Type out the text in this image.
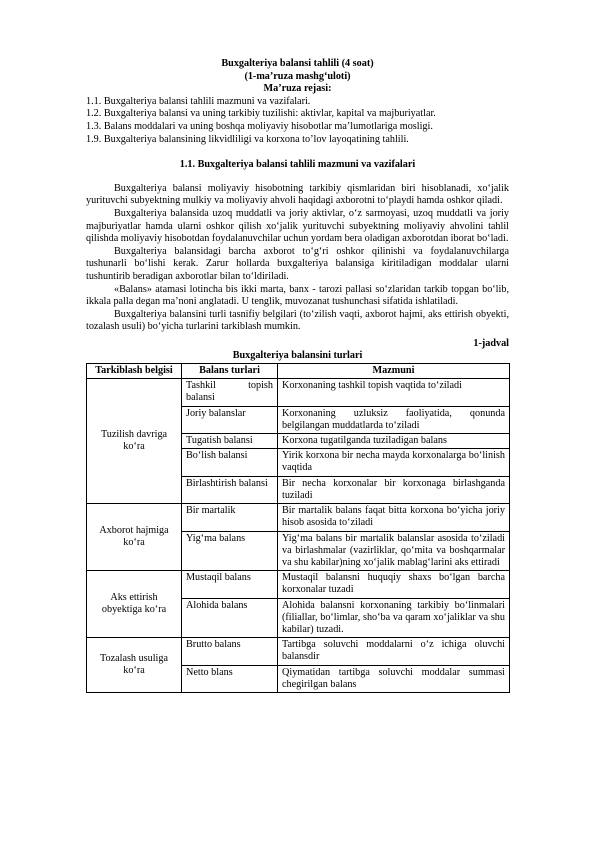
Buxgalteriya balansi tahlili (4 soat)
(1-ma’ruza mashg‘uloti)
Ma’ruza rejasi:
1.1. Buxgalteriya balansi tahlili mazmuni va vazifalari.
1.2. Buxgalteriya balansi va uning tarkibiy tuzilishi: aktivlar, kapital va majburiyatlar.
1.3. Balans moddalari va uning boshqa moliyaviy hisobotlar ma’lumotlariga mosligi.
1.9. Buxgalteriya balansining likvidliligi va korxona to’lov layoqatining tahlili.
1.1. Buxgalteriya balansi tahlili mazmuni va vazifalari

Buxgalteriya balansi moliyaviy hisobotning tarkibiy qismlaridan biri hisoblanadi, xo‘jalik yurituvchi subyektning mulkiy va moliyaviy ahvoli haqidagi axborotni to‘playdi hamda oshkor qiladi.

Buxgalteriya balansida uzoq muddatli va joriy aktivlar, o‘z sarmoyasi, uzoq muddatli va joriy majburiyatlar hamda ularni oshkor qilish xo‘jalik yurituvchi subyektning moliyaviy ahvolini tahlil qilishda moliyaviy hisobotdan foydalanuvchilar uchun yordam bera oladigan axborotdan iborat bo‘ladi.

Buxgalteriya balansidagi barcha axborot to‘g‘ri oshkor qilinishi va foydalanuvchilarga tushunarli bo‘lishi kerak. Zarur hollarda buxgalteriya balansiga kiritiladigan moddalar ularni tushuntirib beradigan axborotlar bilan to‘ldiriladi.

«Balans» atamasi lotincha bis ikki marta, banx - tarozi pallasi so‘zlaridan tarkib topgan bo‘lib, ikkala palla degan ma’noni anglatadi. U tenglik, muvozanat tushunchasi sifatida ishlatiladi.

Buxgalteriya balansini turli tasnifiy belgilari (to‘zilish vaqti, axborot hajmi, aks ettirish obyekti, tozalash usuli) bo‘yicha turlarini tarkiblash mumkin.

1-jadval
Buxgalteriya balansini turlari
Tarkiblash belgisi	Balans turlari	Mazmuni
Tuzilish davriga ko‘ra	Tashkil topish balansi	Korxonaning tashkil topish vaqtida to‘ziladi
	Joriy balanslar	Korxonaning uzluksiz faoliyatida, qonunda belgilangan muddatlarda to‘ziladi
	Tugatish balansi	Korxona tugatilganda tuziladigan balans
	Bo‘lish balansi	Yirik korxona bir necha mayda korxonalarga bo‘linish vaqtida
	Birlashtirish balansi	Bir necha korxonalar bir korxonaga birlashganda tuziladi
Axborot hajmiga ko‘ra	Bir martalik	Bir martalik balans faqat bitta korxona bo‘yicha joriy hisob asosida to‘ziladi
	Yig‘ma balans	Yig‘ma balans bir martalik balanslar asosida to‘ziladi va birlashmalar (vazirliklar, qo‘mita va boshqarmalar va shu kabilar)ning xo‘jalik mablag‘larini aks ettiradi
Aks ettirish obyektiga ko‘ra	Mustaqil balans	Mustaqil balansni huquqiy shaxs bo‘lgan barcha korxonalar tuzadi
	Alohida balans	Alohida balansni korxonaning tarkibiy bo‘linmalari (filiallar, bo‘limlar, sho‘ba va qaram xo‘jaliklar va shu kabilar) tuzadi.
Tozalash usuliga ko‘ra	Brutto balans	Tartibga soluvchi moddalarni o‘z ichiga oluvchi balansdir
	Netto blans	Qiymatidan tartibga soluvchi moddalar summasi chegirilgan balans
